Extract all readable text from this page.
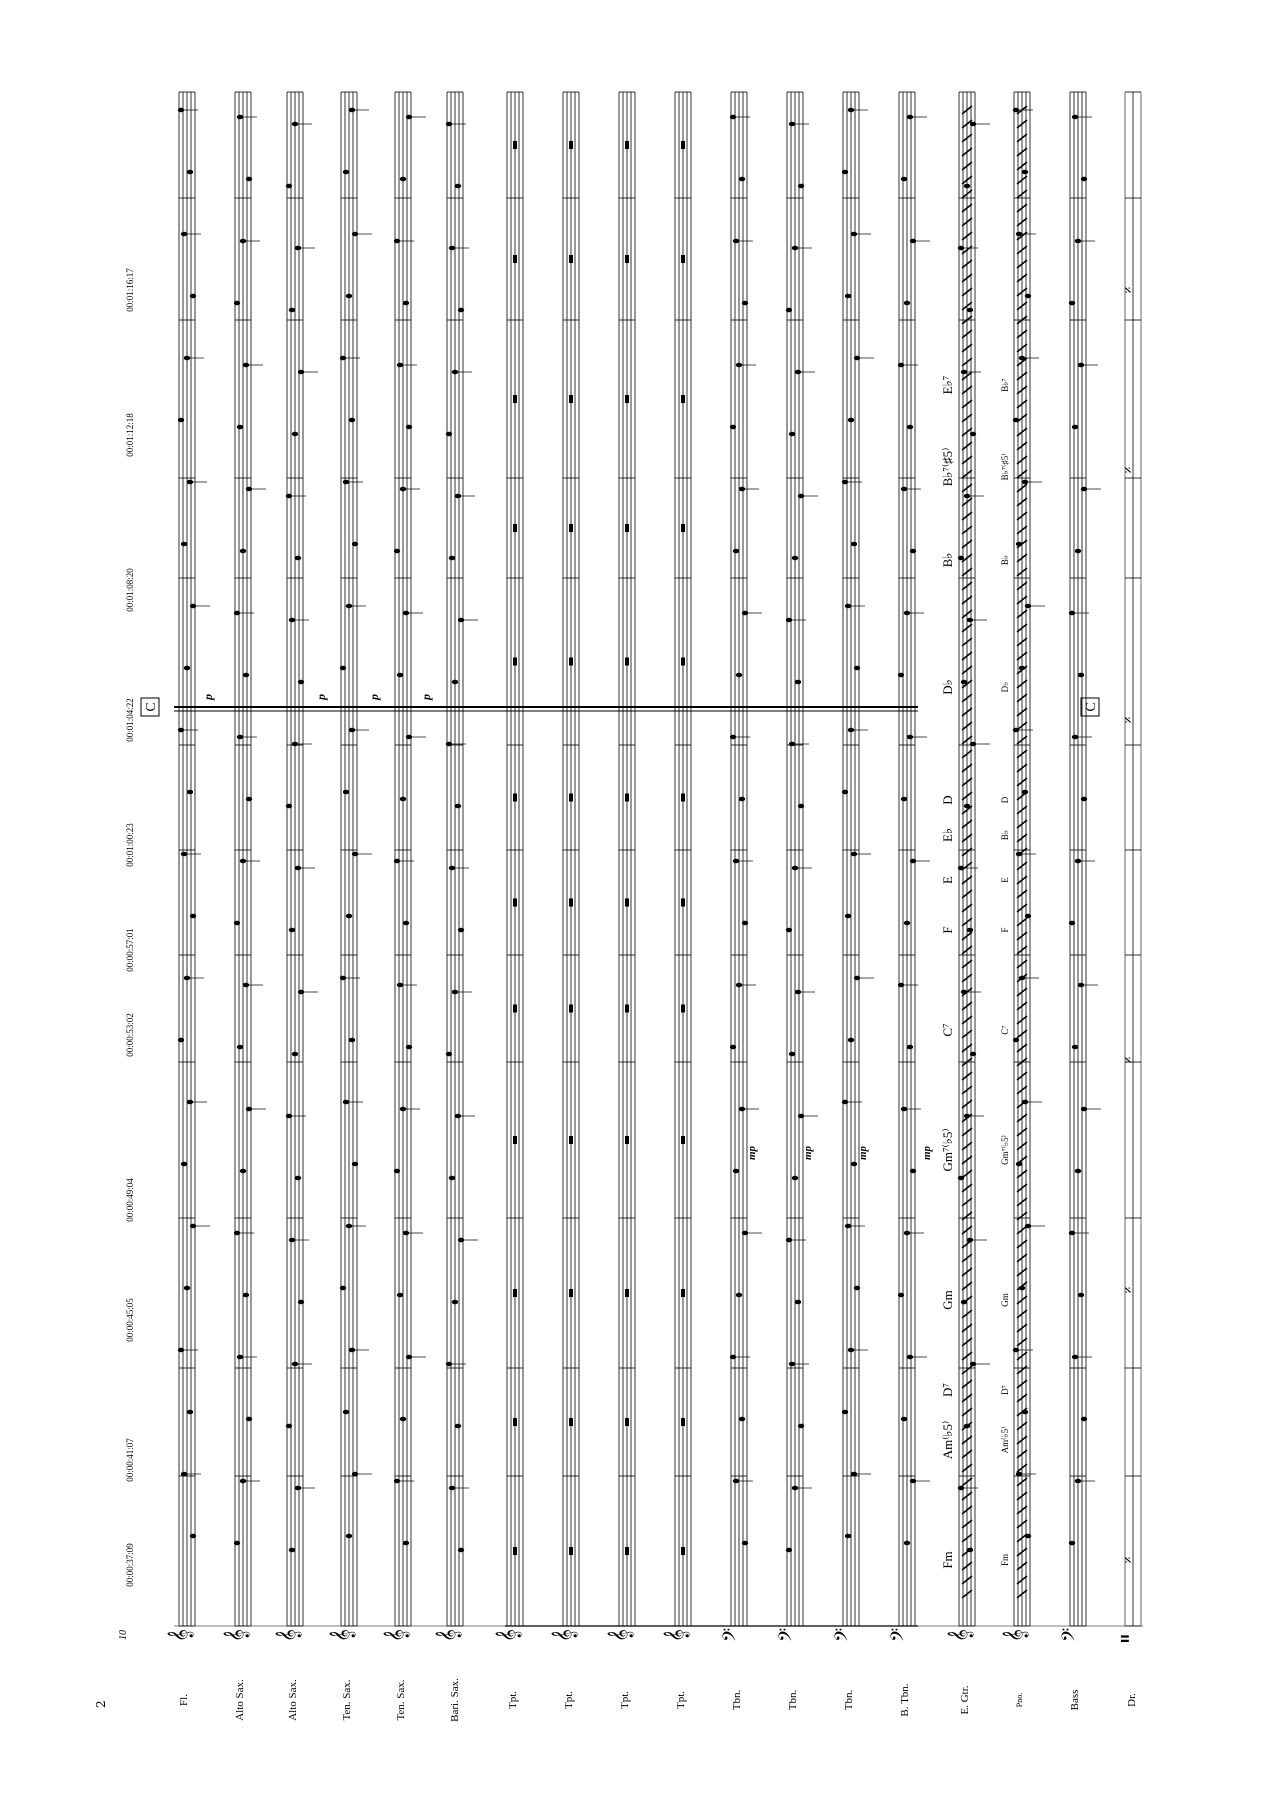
2
𝄞
Fl.
𝄞
Alto Sax.
𝄞
Alto Sax.
𝄞
Ten. Sax.
𝄞
Ten. Sax.
𝄞
Bari. Sax.
𝄞
Tpt.
𝄞
Tpt.
𝄞
Tpt.
𝄞
Tpt.
𝄢
Tbn.
𝄢
Tbn.
𝄢
Tbn.
𝄢
B. Tbn.
𝄞
E. Gtr.
𝄞
Pno.
𝄢
Bass
𝄥
Dr.
C	C
10
00:00:37:09
00:00:41:07
00:00:45:05
00:00:49:04
00:00:53:02
00:00:57:01
00:01:00:23
00:01:04:22
00:01:08:20
00:01:12:18
00:01:16:17
Fm
Am⁽♭5⁾
D⁷
Gm
Gm⁷⁽♭5⁾
C⁷
F
E
E♭
D
D♭
B♭
B♭⁷⁽♯5⁾
E♭⁷
Fm
Am⁽♭5⁾
D⁷
Gm
Gm⁷⁽♭5⁾
C⁷
F
E
B♭
D
D♭
B♭
B♭⁷⁽♯5⁾
B♭⁷
𝄎
𝄎
𝄎
𝄎
𝄎
𝄎
mp	mp	mp	mp
p	p	p	p
